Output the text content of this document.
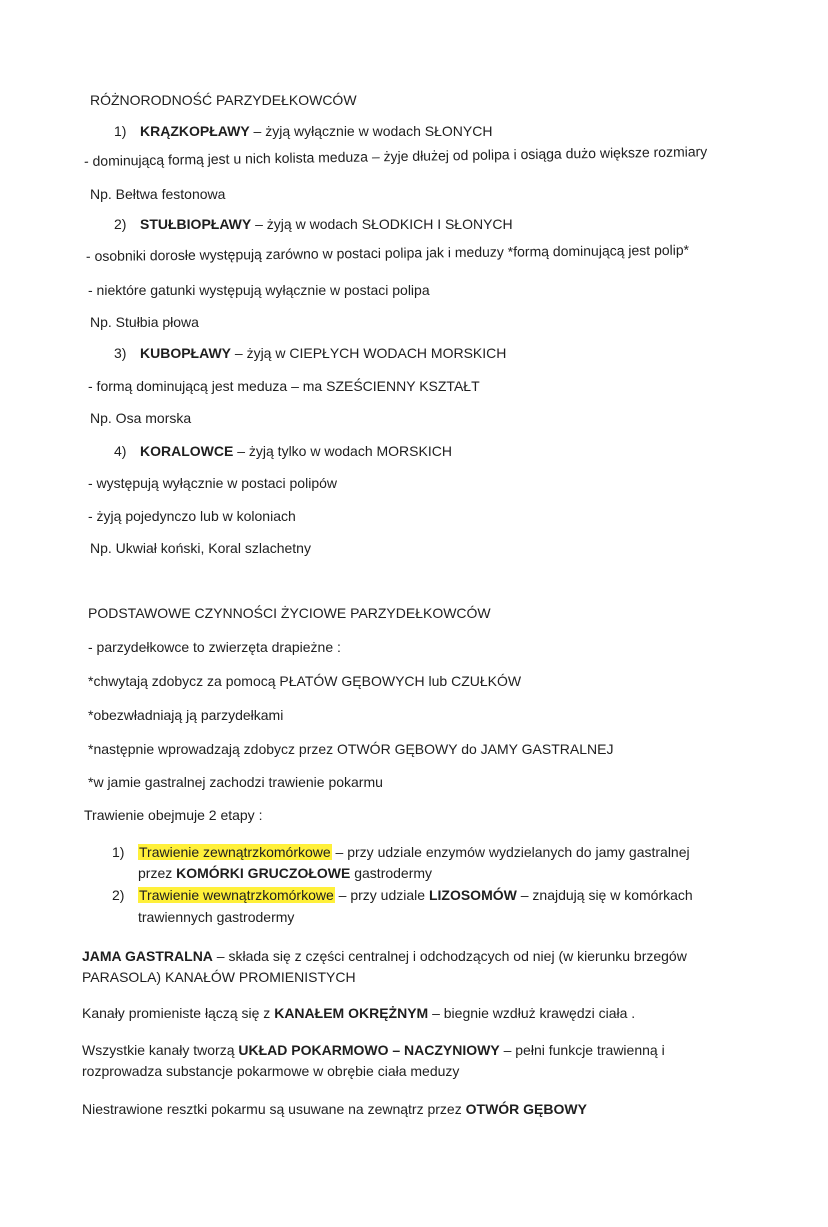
RÓŻNORODNOŚĆ PARZYDEŁKOWCÓW
1) KRĄZKOPŁAWY – żyją wyłącznie w wodach SŁONYCH
- dominującą formą jest u nich kolista meduza – żyje dłużej od polipa i osiąga dużo większe rozmiary
Np. Bełtwa festonowa
2) STUŁBIOPŁAWY – żyją w wodach SŁODKICH I SŁONYCH
- osobniki dorosłe występują zarówno w postaci polipa jak i meduzy *formą dominującą jest polip*
- niektóre gatunki występują wyłącznie w postaci polipa
Np. Stułbia płowa
3) KUBOPŁAWY – żyją w CIEPŁYCH WODACH MORSKICH
- formą dominującą jest meduza – ma SZEŚCIENNY KSZTAŁT
Np. Osa morska
4) KORALOWCE – żyją tylko w wodach MORSKICH
- występują wyłącznie w postaci polipów
- żyją pojedynczo lub w koloniach
Np. Ukwiał koński, Koral szlachetny
PODSTAWOWE CZYNNOŚCI ŻYCIOWE PARZYDEŁKOWCÓW
- parzydełkowce to zwierzęta drapieżne :
*chwytają zdobycz za pomocą PŁATÓW GĘBOWYCH lub CZUŁKÓW
*obezwładniają ją parzydełkami
*następnie wprowadzają zdobycz przez OTWÓR GĘBOWY do JAMY GASTRALNEJ
*w jamie gastralnej zachodzi trawienie pokarmu
Trawienie obejmuje 2 etapy :
1) Trawienie zewnątrzkomórkowe – przy udziale enzymów wydzielanych do jamy gastralnej
przez KOMÓRKI GRUCZOŁOWE gastrodermy
2) Trawienie wewnątrzkomórkowe – przy udziale LIZOSOMÓW – znajdują się w komórkach
trawiennych gastrodermy
JAMA GASTRALNA – składa się z części centralnej i odchodzących od niej (w kierunku brzegów
PARASOLA) KANAŁÓW PROMIENISTYCH
Kanały promieniste łączą się z KANAŁEM OKRĘŻNYM – biegnie wzdłuż krawędzi ciała .
Wszystkie kanały tworzą UKŁAD POKARMOWO – NACZYNIOWY – pełni funkcje trawienną i
rozprowadza substancje pokarmowe w obrębie ciała meduzy
Niestrawione resztki pokarmu są usuwane na zewnątrz przez OTWÓR GĘBOWY
